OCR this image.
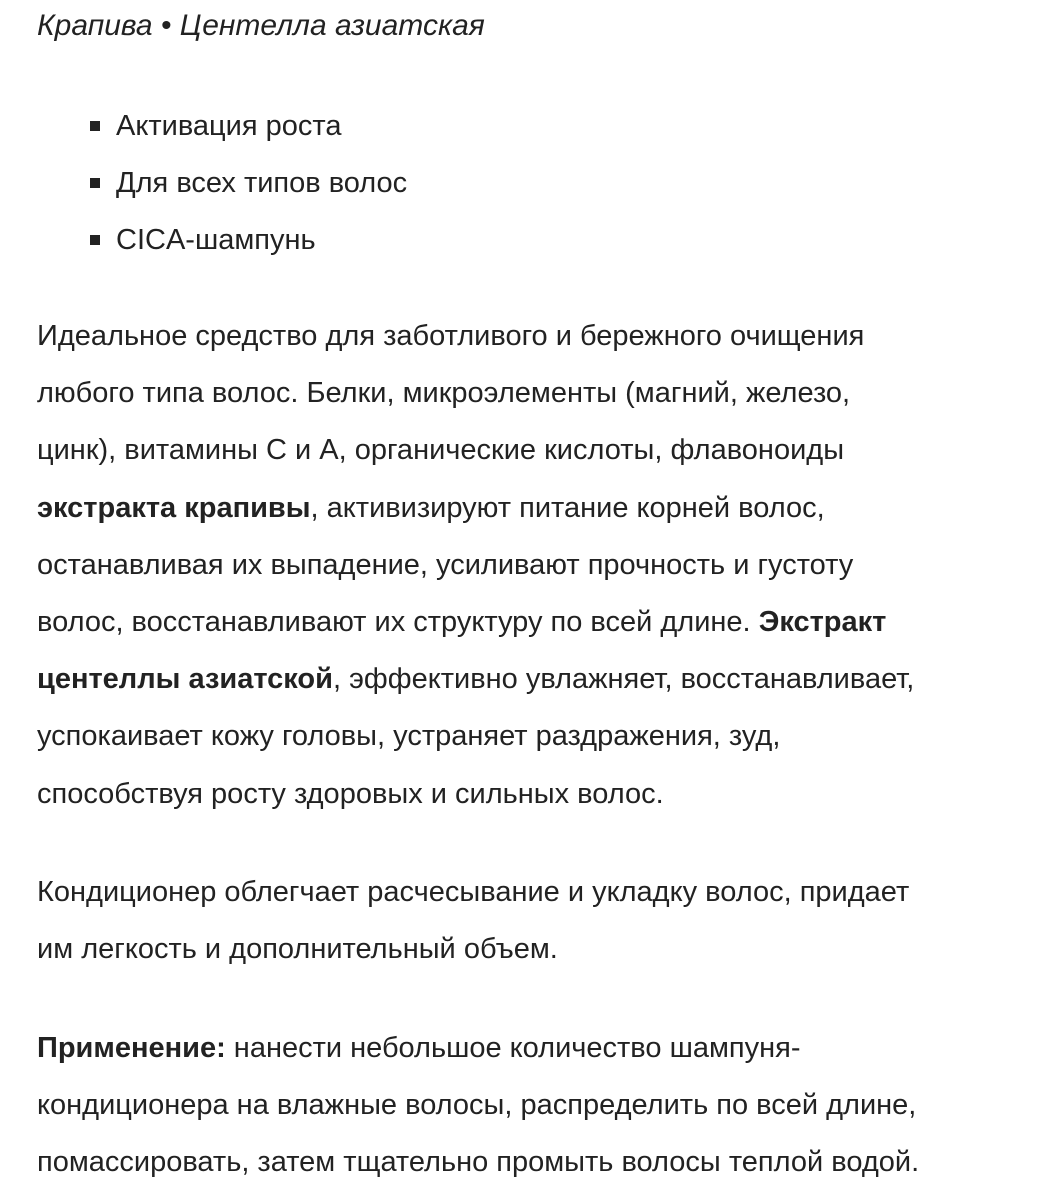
Крапива • Центелла азиатская

Активация роста
Для всех типов волос
CICA-шампунь

Идеальное средство для заботливого и бережного очищения
любого типа волос. Белки, микроэлементы (магний, железо,
цинк), витамины С и А, органические кислоты, флавоноиды
экстракта крапивы, активизируют питание корней волос,
останавливая их выпадение, усиливают прочность и густоту
волос, восстанавливают их структуру по всей длине. Экстракт
центеллы азиатской, эффективно увлажняет, восстанавливает,
успокаивает кожу головы, устраняет раздражения, зуд,
способствуя росту здоровых и сильных волос.

Кондиционер облегчает расчесывание и укладку волос, придает
им легкость и дополнительный объем.

Применение: нанести небольшое количество шампуня-
кондиционера на влажные волосы, распределить по всей длине,
помассировать, затем тщательно промыть волосы теплой водой.
